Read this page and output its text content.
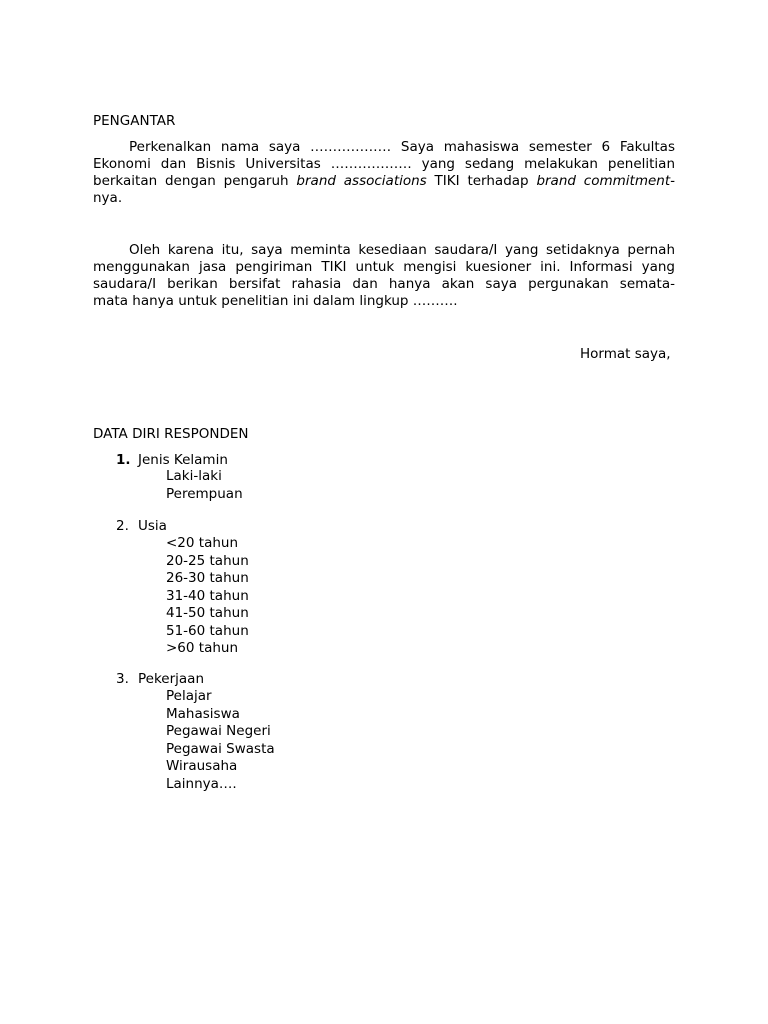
PENGANTAR
Perkenalkan nama saya ……………… Saya mahasiswa semester 6 Fakultas
Ekonomi dan Bisnis Universitas ……………… yang sedang melakukan penelitian
berkaitan dengan pengaruh brand associations TIKI terhadap brand commitment-
nya.
Oleh karena itu, saya meminta kesediaan saudara/I yang setidaknya pernah
menggunakan jasa pengiriman TIKI untuk mengisi kuesioner ini. Informasi yang
saudara/I berikan bersifat rahasia dan hanya akan saya pergunakan semata-
mata hanya untuk penelitian ini dalam lingkup ……….
Hormat saya,
DATA DIRI RESPONDEN
1. Jenis Kelamin
Laki-laki
Perempuan
2. Usia
<20 tahun
20-25 tahun
26-30 tahun
31-40 tahun
41-50 tahun
51-60 tahun
>60 tahun
3. Pekerjaan
Pelajar
Mahasiswa
Pegawai Negeri
Pegawai Swasta
Wirausaha
Lainnya….
